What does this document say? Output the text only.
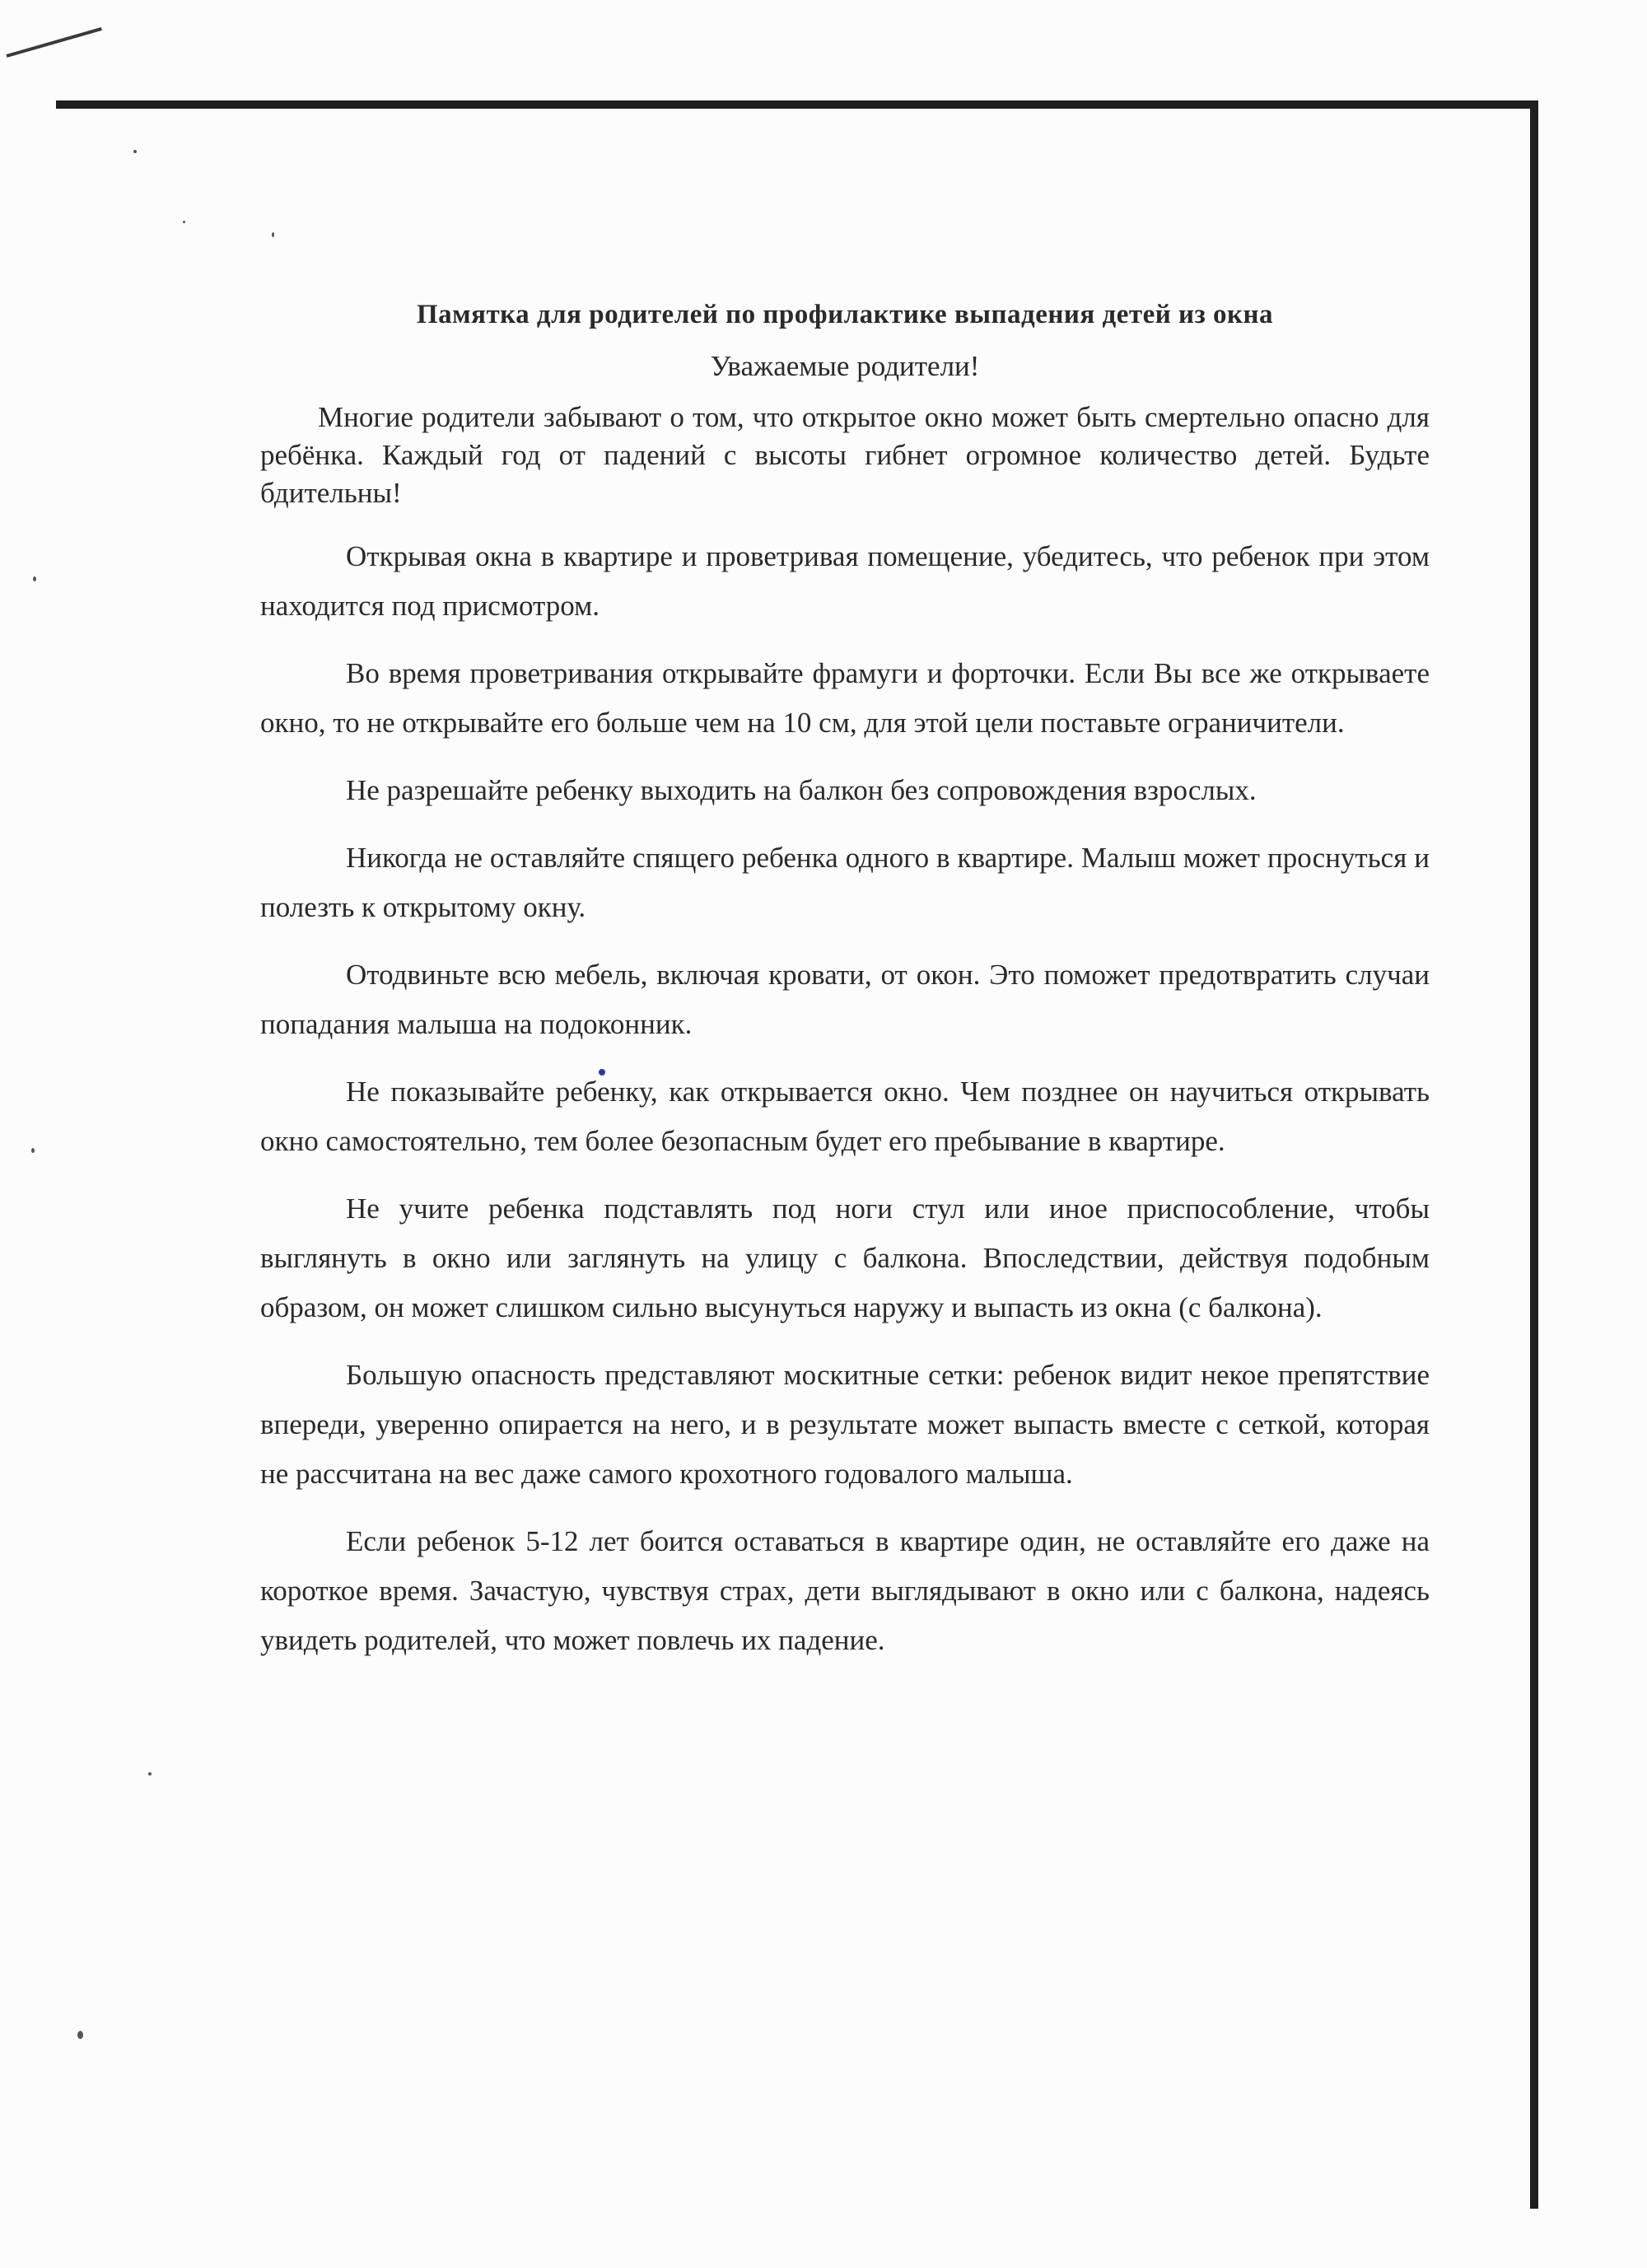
Памятка для родителей по профилактике выпадения детей из окна

Уважаемые родители!

Многие родители забывают о том, что открытое окно может быть смертельно опасно для ребёнка. Каждый год от падений с высоты гибнет огромное количество детей. Будьте бдительны!

Открывая окна в квартире и проветривая помещение, убедитесь, что ребенок при этом находится под присмотром.

Во время проветривания открывайте фрамуги и форточки. Если Вы все же открываете окно, то не открывайте его больше чем на 10 см, для этой цели поставьте ограничители.

Не разрешайте ребенку выходить на балкон без сопровождения взрослых.

Никогда не оставляйте спящего ребенка одного в квартире. Малыш может проснуться и полезть к открытому окну.

Отодвиньте всю мебель, включая кровати, от окон. Это поможет предотвратить случаи попадания малыша на подоконник.

Не показывайте ребенку, как открывается окно. Чем позднее он научиться открывать окно самостоятельно, тем более безопасным будет его пребывание в квартире.

Не учите ребенка подставлять под ноги стул или иное приспособление, чтобы выглянуть в окно или заглянуть на улицу с балкона. Впоследствии, действуя подобным образом, он может слишком сильно высунуться наружу и выпасть из окна (с балкона).

Большую опасность представляют москитные сетки: ребенок видит некое препятствие впереди, уверенно опирается на него, и в результате может выпасть вместе с сеткой, которая не рассчитана на вес даже самого крохотного годовалого малыша.

Если ребенок 5-12 лет боится оставаться в квартире один, не оставляйте его даже на короткое время. Зачастую, чувствуя страх, дети выглядывают в окно или с балкона, надеясь увидеть родителей, что может повлечь их падение.
